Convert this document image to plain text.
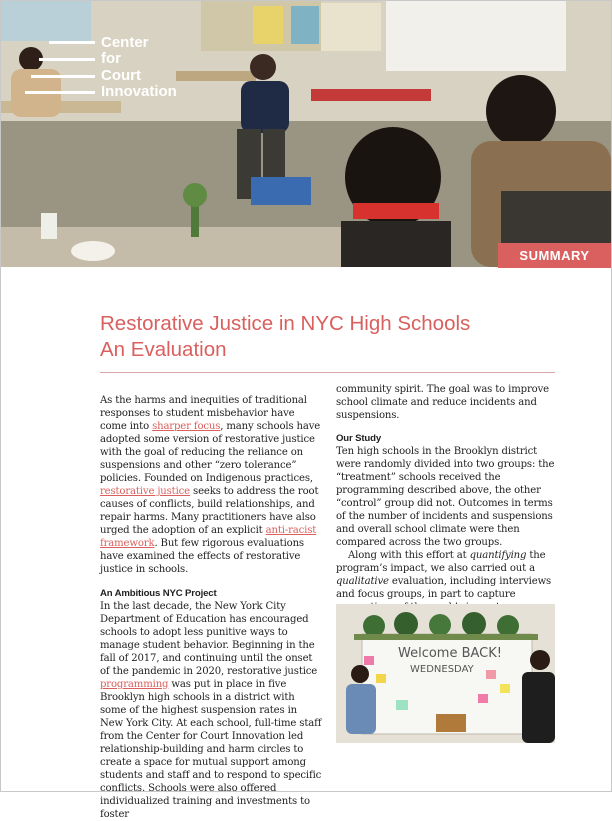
Center
for
Court
Innovation
SUMMARY
Restorative Justice in NYC High Schools
An Evaluation

As the harms and inequities of traditional responses to student misbehavior have come into sharper focus, many schools have adopted some version of restorative justice with the goal of reducing the reliance on suspensions and other “zero tolerance” policies. Founded on Indigenous practices, restorative justice seeks to address the root causes of conflicts, build relationships, and repair harms. Many practitioners have also urged the adoption of an explicit anti-racist framework. But few rigorous evaluations have examined the effects of restorative justice in schools.

An Ambitious NYC Project

In the last decade, the New York City Department of Education has encouraged schools to adopt less punitive ways to manage student behavior. Beginning in the fall of 2017, and continuing until the onset of the pandemic in 2020, restorative justice programming was put in place in five Brooklyn high schools in a district with some of the highest suspension rates in New York City. At each school, full-time staff from the Center for Court Innovation led relationship-building and harm circles to create a space for mutual support among students and staff and to respond to specific conflicts. Schools were also offered individualized training and investments to foster

community spirit. The goal was to improve school climate and reduce incidents and suspensions.

Our Study

Ten high schools in the Brooklyn district were randomly divided into two groups: the “treatment” schools received the programming described above, the other “control” group did not. Outcomes in terms of the number of incidents and suspensions and overall school climate were then compared across the two groups.

Along with this effort at quantifying the program’s impact, we also carried out a qualitative evaluation, including interviews and focus groups, in part to capture

Welcome BACK!
WEDNESDAY
